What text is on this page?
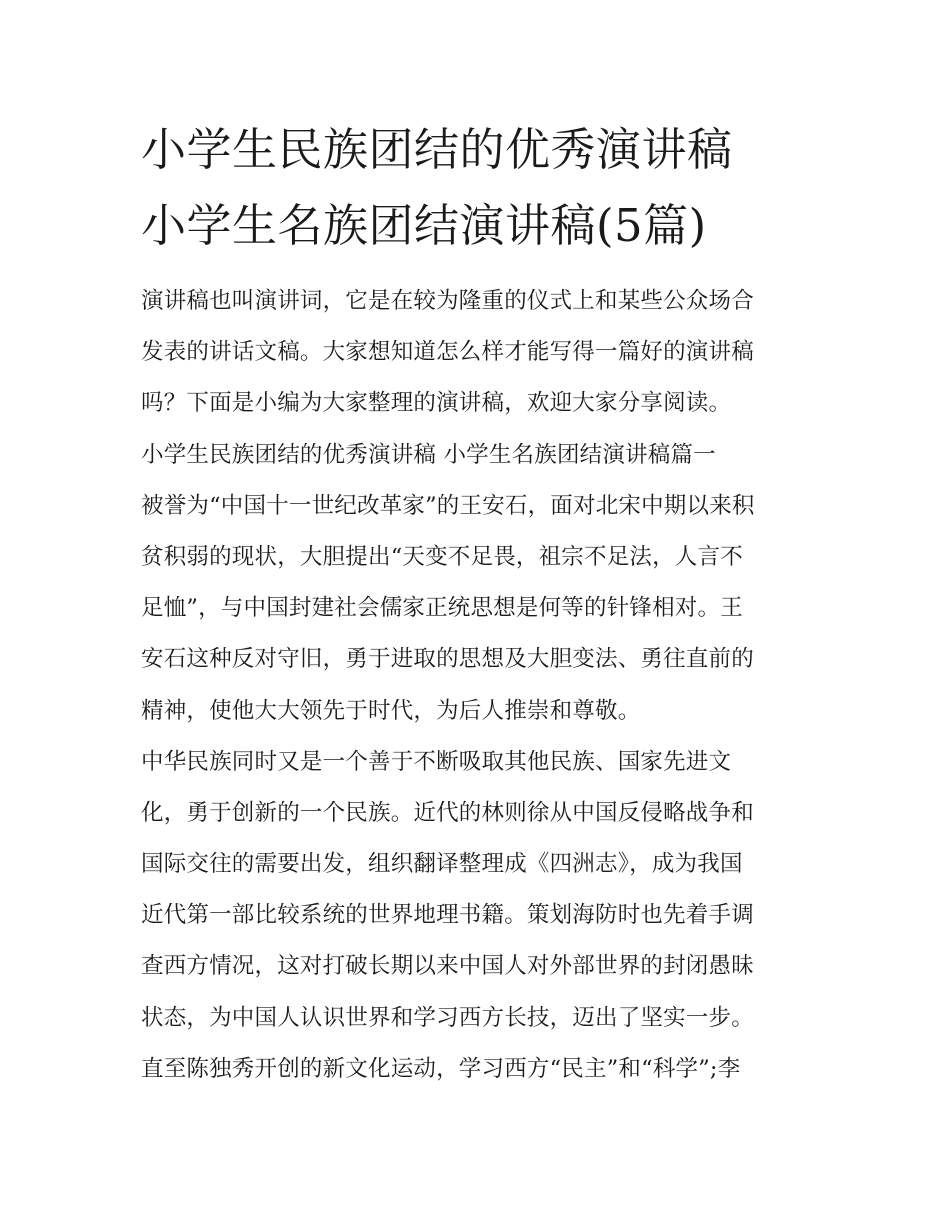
小学生民族团结的优秀演讲稿
小学生名族团结演讲稿(5篇)
演讲稿也叫演讲词，它是在较为隆重的仪式上和某些公众场合
发表的讲话文稿。大家想知道怎么样才能写得一篇好的演讲稿
吗？下面是小编为大家整理的演讲稿，欢迎大家分享阅读。
小学生民族团结的优秀演讲稿 小学生名族团结演讲稿篇一
被誉为“中国十一世纪改革家”的王安石，面对北宋中期以来积
贫积弱的现状，大胆提出“天变不足畏，祖宗不足法，人言不
足恤”，与中国封建社会儒家正统思想是何等的针锋相对。王
安石这种反对守旧，勇于进取的思想及大胆变法、勇往直前的
精神，使他大大领先于时代，为后人推崇和尊敬。
中华民族同时又是一个善于不断吸取其他民族、国家先进文
化，勇于创新的一个民族。近代的林则徐从中国反侵略战争和
国际交往的需要出发，组织翻译整理成《四洲志》，成为我国
近代第一部比较系统的世界地理书籍。策划海防时也先着手调
查西方情况，这对打破长期以来中国人对外部世界的封闭愚昧
状态，为中国人认识世界和学习西方长技，迈出了坚实一步。
直至陈独秀开创的新文化运动，学习西方“民主”和“科学”;李
